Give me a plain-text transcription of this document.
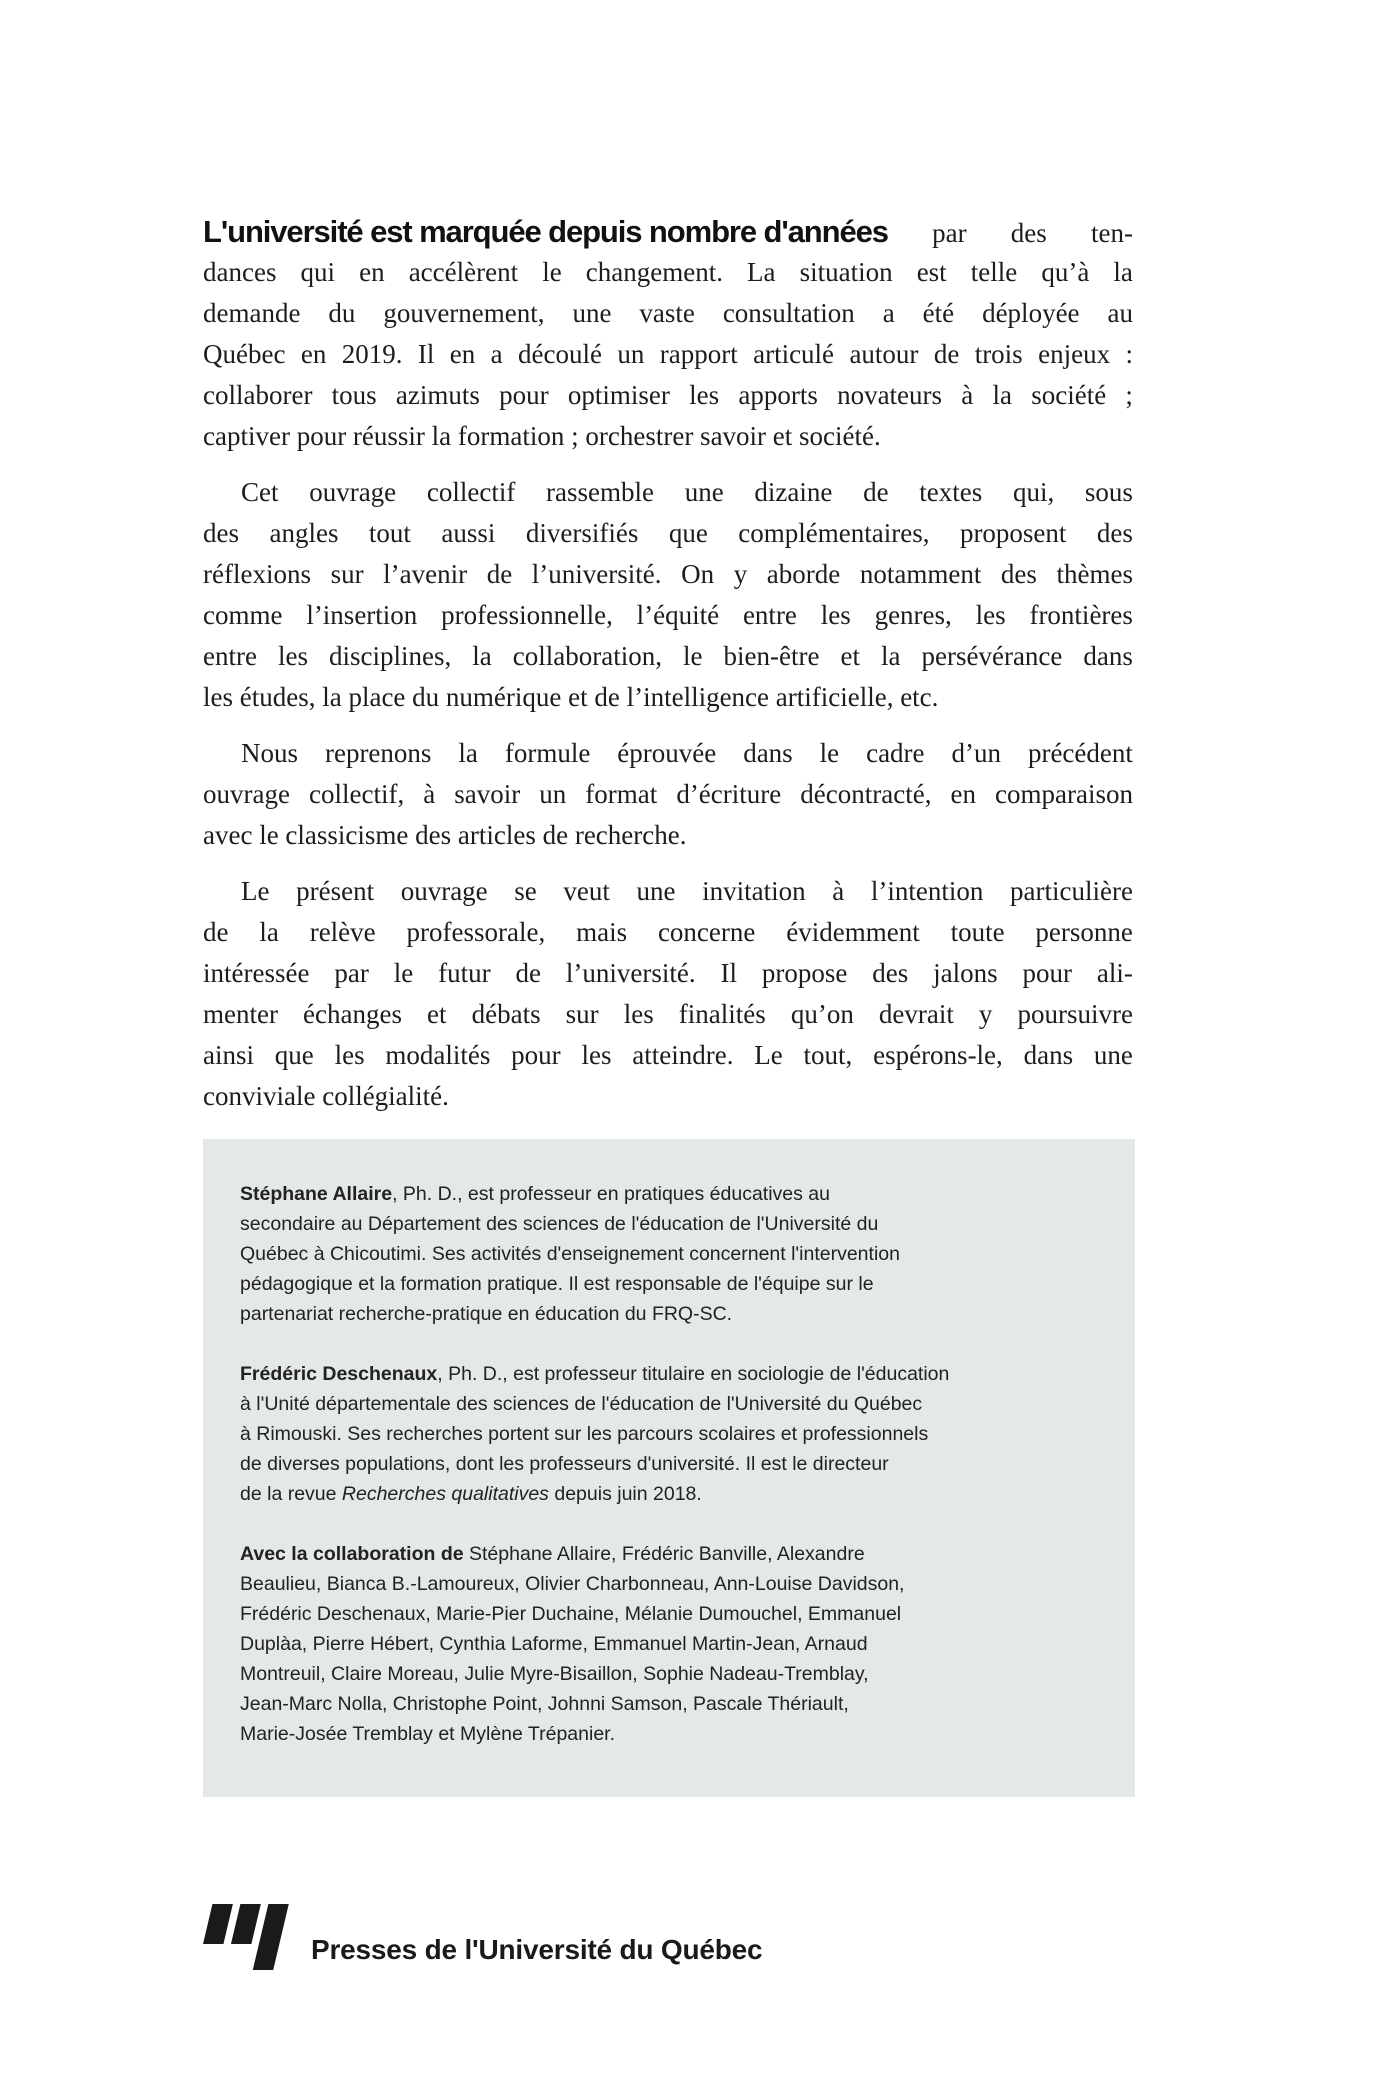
L'université est marquée depuis nombre d'années par des ten-
dances qui en accélèrent le changement. La situation est telle qu’à la
demande du gouvernement, une vaste consultation a été déployée au
Québec en 2019. Il en a découlé un rapport articulé autour de trois enjeux :
collaborer tous azimuts pour optimiser les apports novateurs à la société ;
captiver pour réussir la formation ; orchestrer savoir et société.
Cet ouvrage collectif rassemble une dizaine de textes qui, sous
des angles tout aussi diversifiés que complémentaires, proposent des
réflexions sur l’avenir de l’université. On y aborde notamment des thèmes
comme l’insertion professionnelle, l’équité entre les genres, les frontières
entre les disciplines, la collaboration, le bien-être et la persévérance dans
les études, la place du numérique et de l’intelligence artificielle, etc.
Nous reprenons la formule éprouvée dans le cadre d’un précédent
ouvrage collectif, à savoir un format d’écriture décontracté, en comparaison
avec le classicisme des articles de recherche.
Le présent ouvrage se veut une invitation à l’intention particulière
de la relève professorale, mais concerne évidemment toute personne
intéressée par le futur de l’université. Il propose des jalons pour ali-
menter échanges et débats sur les finalités qu’on devrait y poursuivre
ainsi que les modalités pour les atteindre. Le tout, espérons-le, dans une
conviviale collégialité.
Stéphane Allaire, Ph. D., est professeur en pratiques éducatives au
secondaire au Département des sciences de l'éducation de l'Université du
Québec à Chicoutimi. Ses activités d'enseignement concernent l'intervention
pédagogique et la formation pratique. Il est responsable de l'équipe sur le
partenariat recherche-pratique en éducation du FRQ-SC.
Frédéric Deschenaux, Ph. D., est professeur titulaire en sociologie de l'éducation
à l'Unité départementale des sciences de l'éducation de l'Université du Québec
à Rimouski. Ses recherches portent sur les parcours scolaires et professionnels
de diverses populations, dont les professeurs d'université. Il est le directeur
de la revue Recherches qualitatives depuis juin 2018.
Avec la collaboration de Stéphane Allaire, Frédéric Banville, Alexandre
Beaulieu, Bianca B.-Lamoureux, Olivier Charbonneau, Ann-Louise Davidson,
Frédéric Deschenaux, Marie-Pier Duchaine, Mélanie Dumouchel, Emmanuel
Duplàa, Pierre Hébert, Cynthia Laforme, Emmanuel Martin-Jean, Arnaud
Montreuil, Claire Moreau, Julie Myre-Bisaillon, Sophie Nadeau-Tremblay,
Jean-Marc Nolla, Christophe Point, Johnni Samson, Pascale Thériault,
Marie-Josée Tremblay et Mylène Trépanier.
Presses de l'Université du Québec
